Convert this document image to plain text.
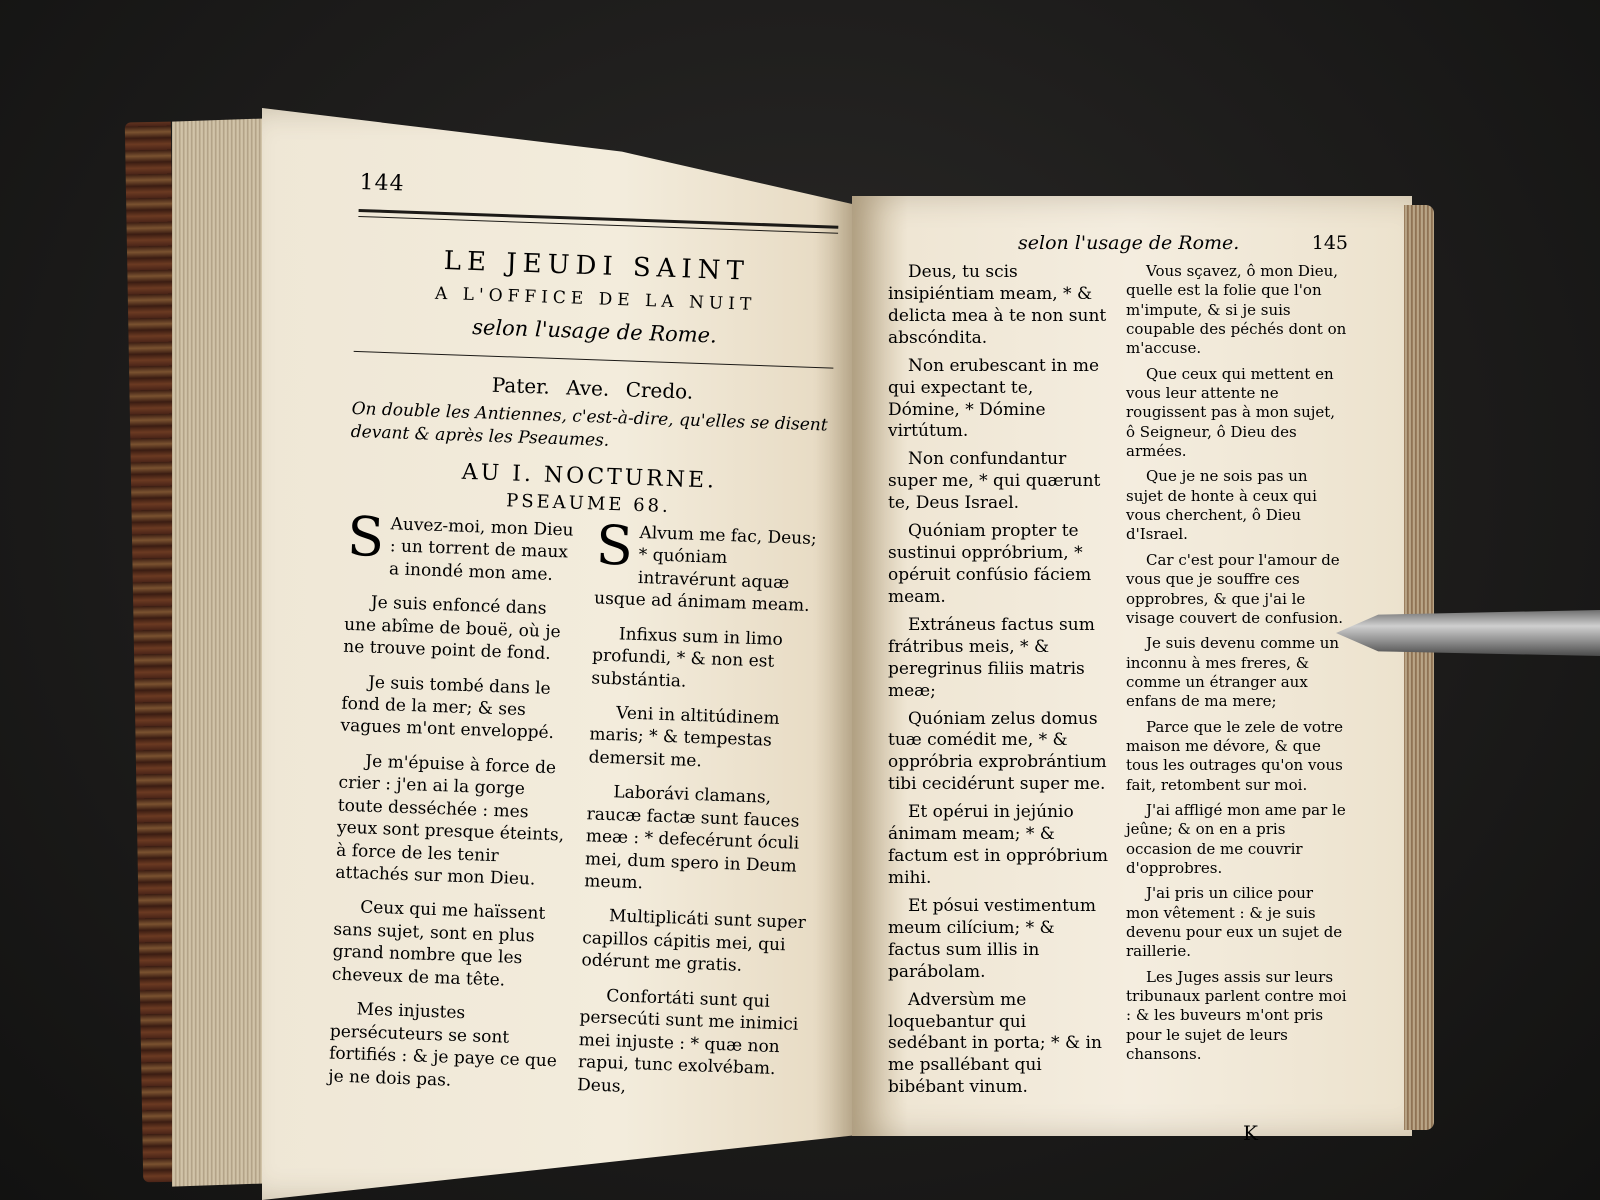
144
LE JEUDI SAINT
A L'OFFICE DE LA NUIT
selon l'usage de Rome.
Pater. Ave. Credo.
On double les Antiennes, c'est-à-dire, qu'elles se disent devant & après les Pseaumes.
AU I. NOCTURNE.
PSEAUME 68.

S Auvez-moi, mon Dieu : un torrent de maux a inondé mon ame.

Je suis enfoncé dans une abîme de bouë, où je ne trouve point de fond.

Je suis tombé dans le fond de la mer; & ses vagues m'ont enveloppé.

Je m'épuise à force de crier : j'en ai la gorge toute desséchée : mes yeux sont presque éteints, à force de les tenir attachés sur mon Dieu.

Ceux qui me haïssent sans sujet, sont en plus grand nombre que les cheveux de ma tête.

Mes injustes persécuteurs se sont fortifiés : & je paye ce que je ne dois pas.

S Alvum me fac, Deus; * quóniam intravérunt aquæ usque ad ánimam meam.

Infixus sum in limo profundi, * & non est substántia.

Veni in altitúdinem maris; * & tempestas demersit me.

Laborávi clamans, raucæ factæ sunt fauces meæ : * defecérunt óculi mei, dum spero in Deum meum.

Multiplicáti sunt super capillos cápitis mei, qui odérunt me gratis.

Confortáti sunt qui persecúti sunt me inimici mei injuste : * quæ non rapui, tunc exolvébam. Deus,

selon l'usage de Rome.	145

Deus, tu scis insipiéntiam meam, * & delicta mea à te non sunt abscóndita.

Non erubescant in me qui expectant te, Dómine, * Dómine virtútum.

Non confundantur super me, * qui quærunt te, Deus Israel.

Quóniam propter te sustinui oppróbrium, * opéruit confúsio fáciem meam.

Extráneus factus sum frátribus meis, * & peregrinus filiis matris meæ;

Quóniam zelus domus tuæ comédit me, * & oppróbria exprobrántium tibi cecidérunt super me.

Et opérui in jejúnio ánimam meam; * & factum est in oppróbrium mihi.

Et pósui vestimentum meum cilícium; * & factus sum illis in parábolam.

Adversùm me loquebantur qui sedébant in porta; * & in me psallébant qui bibébant vinum.

Vous sçavez, ô mon Dieu, quelle est la folie que l'on m'impute, & si je suis coupable des péchés dont on m'accuse.

Que ceux qui mettent en vous leur attente ne rougissent pas à mon sujet, ô Seigneur, ô Dieu des armées.

Que je ne sois pas un sujet de honte à ceux qui vous cherchent, ô Dieu d'Israel.

Car c'est pour l'amour de vous que je souffre ces opprobres, & que j'ai le visage couvert de confusion.

Je suis devenu comme un inconnu à mes freres, & comme un étranger aux enfans de ma mere;

Parce que le zele de votre maison me dévore, & que tous les outrages qu'on vous fait, retombent sur moi.

J'ai affligé mon ame par le jeûne; & on en a pris occasion de me couvrir d'opprobres.

J'ai pris un cilice pour mon vêtement : & je suis devenu pour eux un sujet de raillerie.

Les Juges assis sur leurs tribunaux parlent contre moi : & les buveurs m'ont pris pour le sujet de leurs chansons.

K
